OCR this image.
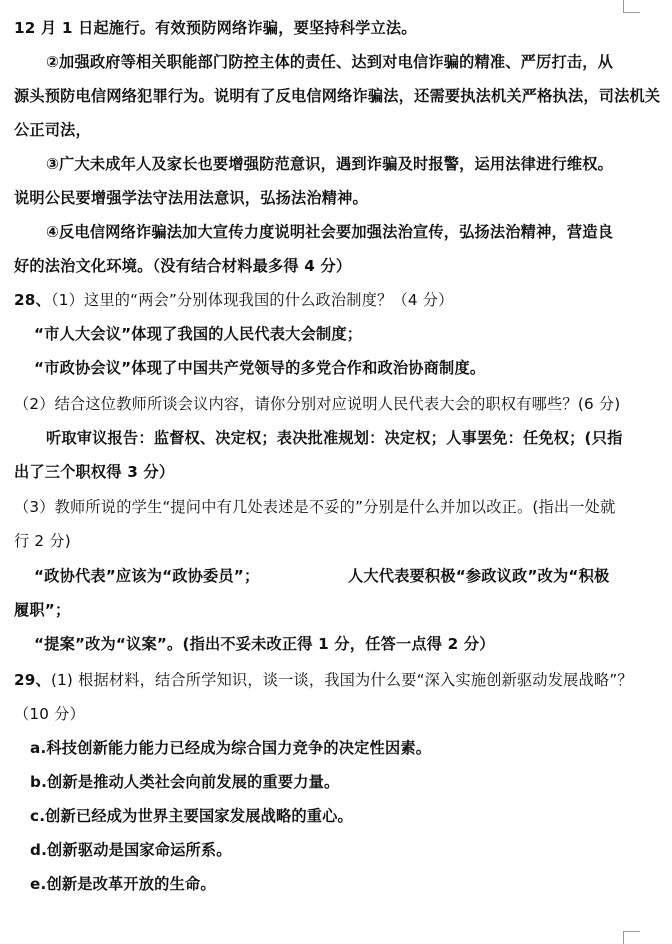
12 月 1 日起施行。有效预防网络诈骗，要坚持科学立法。
②加强政府等相关职能部门防控主体的责任、达到对电信诈骗的精准、严厉打击，从
源头预防电信网络犯罪行为。说明有了反电信网络诈骗法，还需要执法机关严格执法，司法机关
公正司法，
③广大未成年人及家长也要增强防范意识，遇到诈骗及时报警，运用法律进行维权。
说明公民要增强学法守法用法意识，弘扬法治精神。
④反电信网络诈骗法加大宣传力度说明社会要加强法治宣传，弘扬法治精神，营造良
好的法治文化环境。（没有结合材料最多得 4 分）
28、（1）这里的“两会”分别体现我国的什么政治制度？（4 分）
“市人大会议”体现了我国的人民代表大会制度；
“市政协会议”体现了中国共产党领导的多党合作和政治协商制度。
（2）结合这位教师所谈会议内容，请你分别对应说明人民代表大会的职权有哪些？(6 分)
听取审议报告：监督权、决定权；表决批准规划：决定权；人事罢免：任免权；(只指
出了三个职权得 3 分）
（3）教师所说的学生“提问中有几处表述是不妥的”分别是什么并加以改正。(指出一处就
行 2 分)
“政协代表”应该为“政协委员”；	人大代表要积极“参政议政”改为“积极
履职”；
“提案”改为“议案”。(指出不妥未改正得 1 分，任答一点得 2 分）
29、(1) 根据材料，结合所学知识，谈一谈，我国为什么要“深入实施创新驱动发展战略”？
（10 分）
a.科技创新能力能力已经成为综合国力竞争的决定性因素。
b.创新是推动人类社会向前发展的重要力量。
c.创新已经成为世界主要国家发展战略的重心。
d.创新驱动是国家命运所系。
e.创新是改革开放的生命。
